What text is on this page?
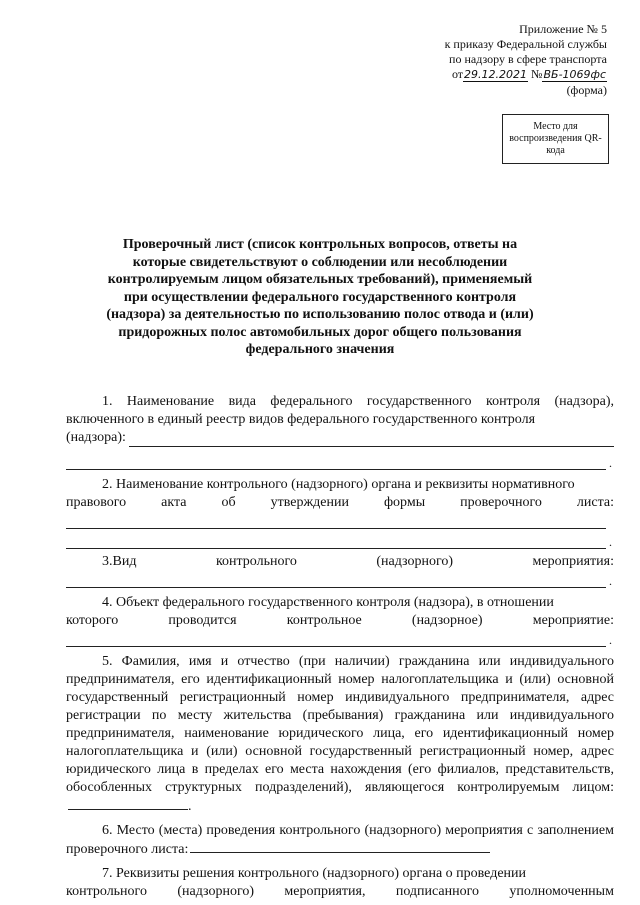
Приложение № 5
к приказу Федеральной службы
по надзору в сфере транспорта
от29.12.2021 №ВБ-1069фс
(форма)
Место для воспроизведения QR-кода
Проверочный лист (список контрольных вопросов, ответы на которые свидетельствуют о соблюдении или несоблюдении контролируемым лицом обязательных требований), применяемый при осуществлении федерального государственного контроля (надзора) за деятельностью по использованию полос отвода и (или) придорожных полос автомобильных дорог общего пользования федерального значения

1. Наименование вида федерального государственного контроля (надзора), включенного в единый реестр видов федерального государственного контроля

(надзора):
.

2. Наименование контрольного (надзорного) органа и реквизиты нормативного

правового	акта	об	утверждении	формы	проверочного	листа:
.
3.Вид	контрольного	(надзорного)	мероприятия:
.

4. Объект федерального государственного контроля (надзора), в отношении

которого	проводится	контрольное	(надзорное)	мероприятие:
.

5. Фамилия, имя и отчество (при наличии) гражданина или индивидуального предпринимателя, его идентификационный номер налогоплательщика и (или) основной государственный регистрационный номер индивидуального предпринимателя, адрес регистрации по месту жительства (пребывания) гражданина или индивидуального предпринимателя, наименование юридического лица, его идентификационный номер налогоплательщика и (или) основной государственный регистрационный номер, адрес юридического лица в пределах его места нахождения (его филиалов, представительств, обособленных структурных подразделений), являющегося контролируемым лицом:.

6. Место (места) проведения контрольного (надзорного) мероприятия с заполнением проверочного листа:

7. Реквизиты решения контрольного (надзорного) органа о проведении

контрольного (надзорного) мероприятия, подписанного уполномоченным
